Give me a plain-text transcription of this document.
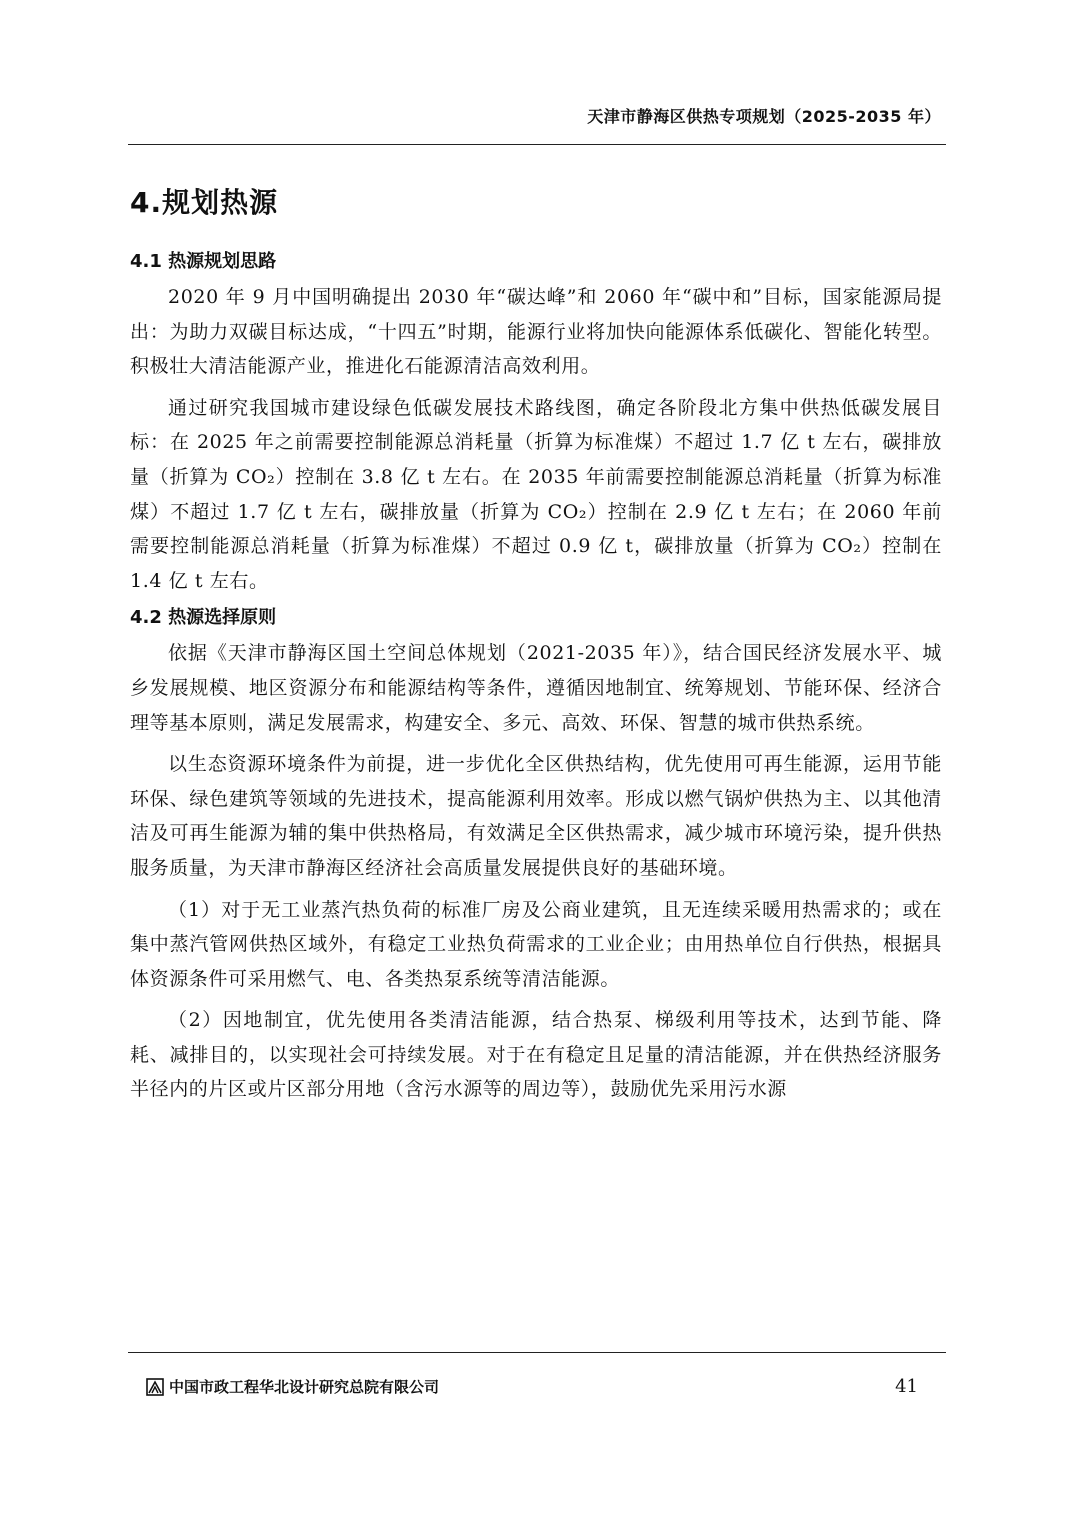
天津市静海区供热专项规划（2025-2035 年）
4.规划热源
4.1 热源规划思路

2020 年 9 月中国明确提出 2030 年“碳达峰”和 2060 年“碳中和”目标，国家能源局提出：为助力双碳目标达成，“十四五”时期，能源行业将加快向能源体系低碳化、智能化转型。积极壮大清洁能源产业，推进化石能源清洁高效利用。

通过研究我国城市建设绿色低碳发展技术路线图，确定各阶段北方集中供热低碳发展目标：在 2025 年之前需要控制能源总消耗量（折算为标准煤）不超过 1.7 亿 t 左右，碳排放量（折算为 CO₂）控制在 3.8 亿 t 左右。在 2035 年前需要控制能源总消耗量（折算为标准煤）不超过 1.7 亿 t 左右，碳排放量（折算为 CO₂）控制在 2.9 亿 t 左右；在 2060 年前需要控制能源总消耗量（折算为标准煤）不超过 0.9 亿 t，碳排放量（折算为 CO₂）控制在 1.4 亿 t 左右。

4.2 热源选择原则

依据《天津市静海区国土空间总体规划（2021-2035 年）》，结合国民经济发展水平、城乡发展规模、地区资源分布和能源结构等条件，遵循因地制宜、统筹规划、节能环保、经济合理等基本原则，满足发展需求，构建安全、多元、高效、环保、智慧的城市供热系统。

以生态资源环境条件为前提，进一步优化全区供热结构，优先使用可再生能源，运用节能环保、绿色建筑等领域的先进技术，提高能源利用效率。形成以燃气锅炉供热为主、以其他清洁及可再生能源为辅的集中供热格局，有效满足全区供热需求，减少城市环境污染，提升供热服务质量，为天津市静海区经济社会高质量发展提供良好的基础环境。

（1）对于无工业蒸汽热负荷的标准厂房及公商业建筑，且无连续采暖用热需求的；或在集中蒸汽管网供热区域外，有稳定工业热负荷需求的工业企业；由用热单位自行供热，根据具体资源条件可采用燃气、电、各类热泵系统等清洁能源。

（2）因地制宜，优先使用各类清洁能源，结合热泵、梯级利用等技术，达到节能、降耗、减排目的，以实现社会可持续发展。对于在有稳定且足量的清洁能源，并在供热经济服务半径内的片区或片区部分用地（含污水源等的周边等），鼓励优先采用污水源

中国市政工程华北设计研究总院有限公司	41
